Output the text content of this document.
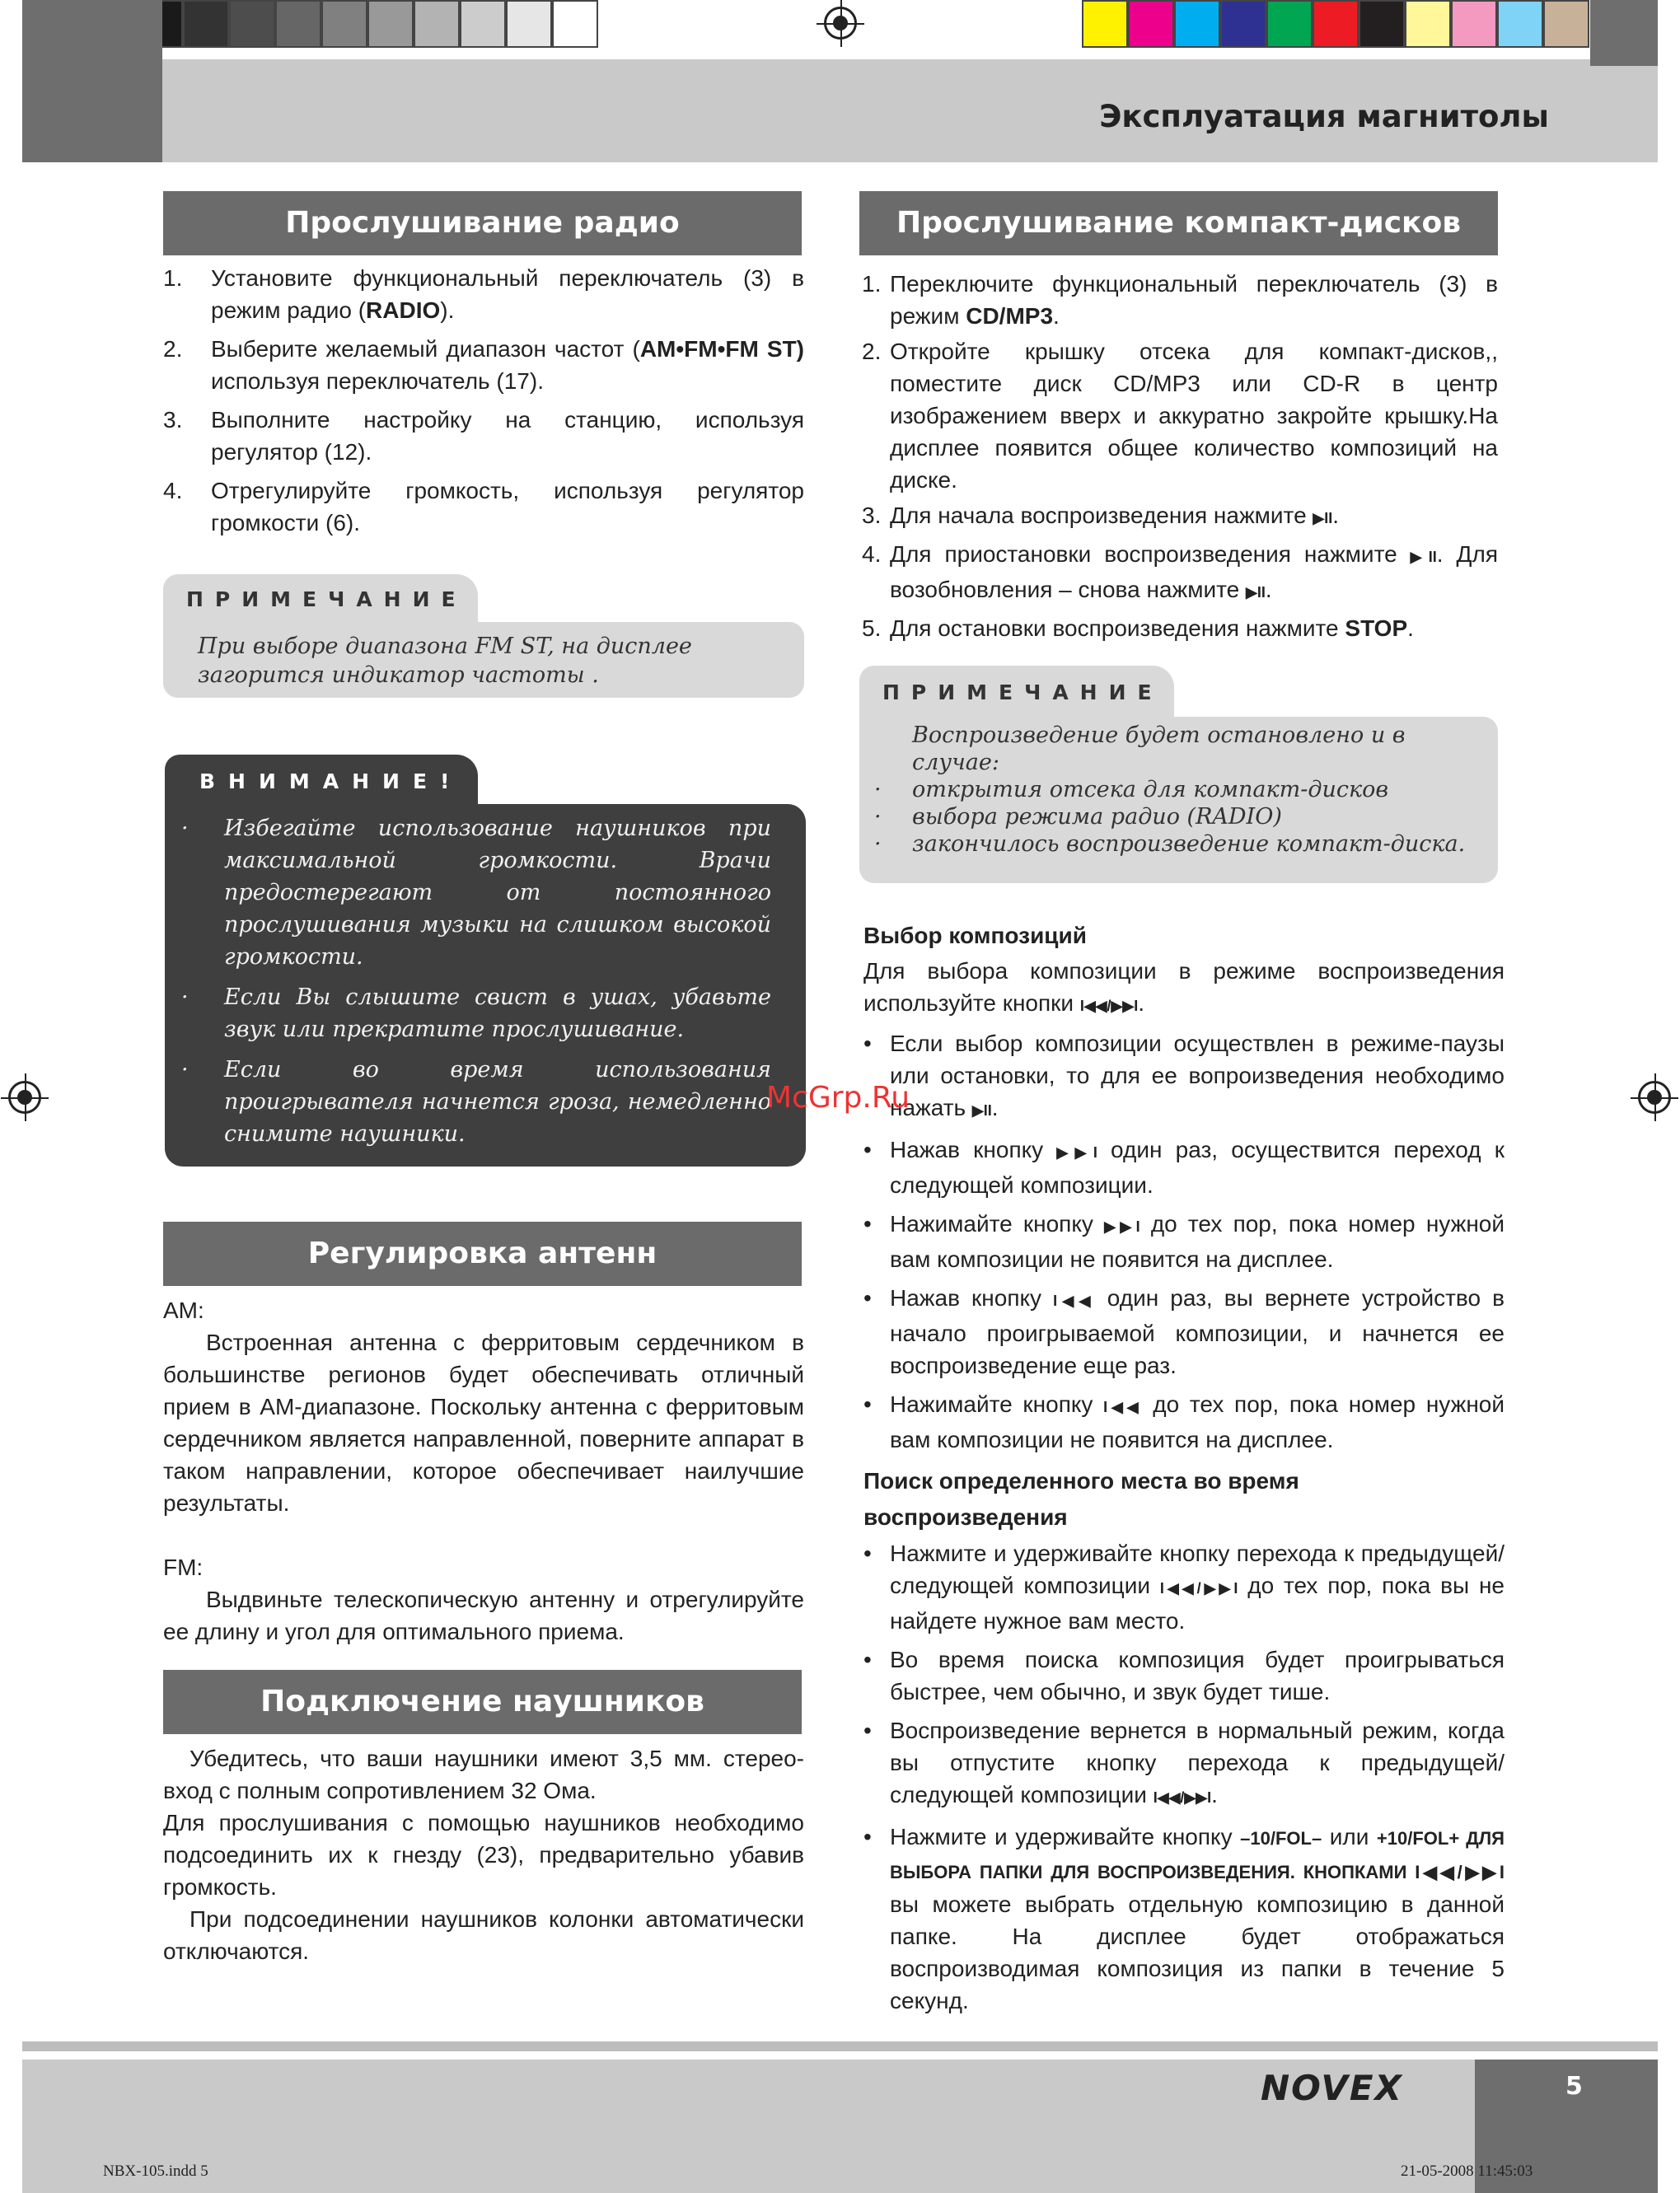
Эксплуатация магнитолы
Прослушивание радио
1.	Установите функциональный переключатель (3) в режим радио (RADIO).
2.	Выберите желаемый диапазон частот (AM•FM•FM ST) используя переключатель (17).
3.	Выполните настройку на станцию, используя регулятор (12).
4.	Отрегулируйте громкость, используя регулятор громкости (6).
ПРИМЕЧАНИЕ
При выборе диапазона FM ST, на дисплее загорится индикатор частоты .
ВНИМАНИЕ!
·	Избегайте использование наушников при максимальной громкости. Врачи предостерегают от постоянного прослушивания музыки на слишком высокой громкости.
·	Если Вы слышите свист в ушах, убавьте звук или прекратите прослушивание.
·	Если во время использования проигрывателя начнется гроза, немедленно снимите наушники.
Регулировка антенн

AM:

Встроенная антенна с ферритовым сердечником в большинстве регионов будет обеспечивать отличный прием в AM-диапазоне. Поскольку антенна с ферритовым сердечником является направленной, поверните аппарат в таком направлении, которое обеспечивает наилучшие результаты.

FM:

Выдвиньте телескопическую антенну и отрегулируйте ее длину и угол для оптимального приема.

Подключение наушников

Убедитесь, что ваши наушники имеют 3,5 мм. стерео-вход с полным сопротивлением 32 Ома.

Для прослушивания с помощью наушников необходимо подсоединить их к гнезду (23), предварительно убавив громкость.

При подсоединении наушников колонки автоматически отключаются.

Прослушивание компакт-дисков
1. Переключите функциональный переключатель (3) в режим CD/MP3.
2. Откройте крышку отсека для компакт-дисков,, поместите диск CD/MP3 или CD-R в центр изображением вверх и аккуратно закройте крышку.На дисплее появится общее количество композиций на диске.
3. Для начала воспроизведения нажмите ▶II.
4. Для приостановки воспроизведения нажмите ▶II. Для возобновления – снова нажмите ▶II.
5. Для остановки воспроизведения нажмите STOP.
ПРИМЕЧАНИЕ
Воспроизведение будет остановлено и в случае:
·	открытия отсека для компакт-дисков
·	выбора режима радио (RADIO)
·	закончилось воспроизведение компакт-диска.

Выбор композиций

Для выбора композиции в режиме воспроизведения используйте кнопки I◀◀/▶▶I.

• Если выбор композиции осуществлен в режиме-паузы или остановки, то для ее вопроизведения необходимо нажать ▶II.
• Нажав кнопку ▶▶I один раз, осуществится переход к следующей композиции.
• Нажимайте кнопку ▶▶I до тех пор, пока номер нужной вам композиции не появится на дисплее.
• Нажав кнопку I◀◀ один раз, вы вернете устройство в начало проигрываемой композиции, и начнется ее воспроизведение еще раз.
• Нажимайте кнопку I◀◀ до тех пор, пока номер нужной вам композиции не появится на дисплее.

Поиск определенного места во время

воспроизведения

• Нажмите и удерживайте кнопку перехода к предыдущей/ следующей композиции I◀◀/▶▶I до тех пор, пока вы не найдете нужное вам место.
• Во время поиска композиция будет проигрываться быстрее, чем обычно, и звук будет тише.
• Воспроизведение вернется в нормальный режим, когда вы отпустите кнопку перехода к предыдущей/ следующей композиции I◀◀/▶▶I.
• Нажмите и удерживайте кнопку –10/FOL– или +10/FOL+ ДЛЯ ВЫБОРА ПАПКИ ДЛЯ ВОСПРОИЗВЕДЕНИЯ. КНОПКАМИ I◀◀/▶▶I вы можете выбрать отдельную композицию в данной папке. На дисплее будет отображаться воспроизводимая композиция из папки в течение 5 секунд.
NOVEX	5
NBX-105.indd 5	21-05-2008 11:45:03
McGrp.Ru
